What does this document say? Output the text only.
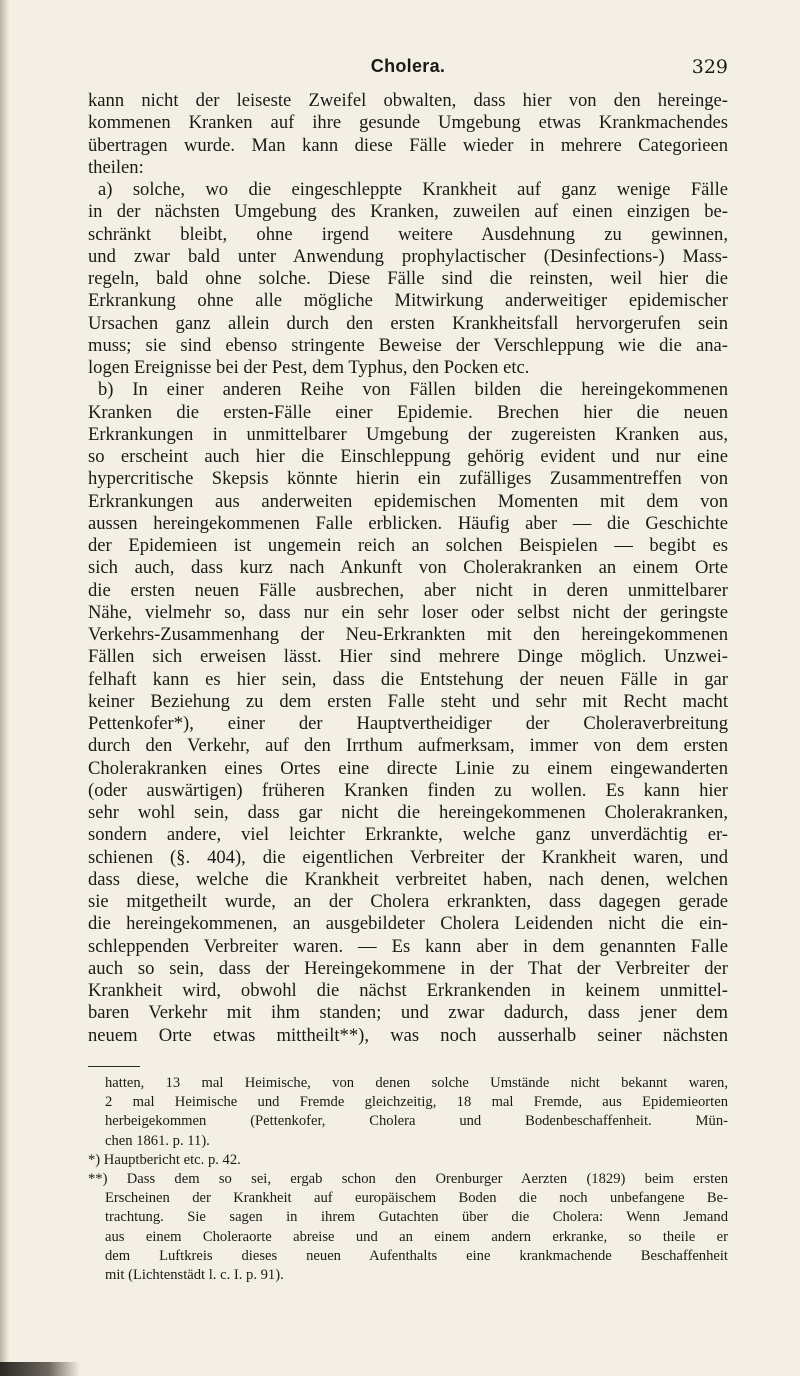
Cholera.	329
kann nicht der leiseste Zweifel obwalten, dass hier von den hereinge-
kommenen Kranken auf ihre gesunde Umgebung etwas Krankmachendes
übertragen wurde. Man kann diese Fälle wieder in mehrere Categorieen
theilen:
a) solche, wo die eingeschleppte Krankheit auf ganz wenige Fälle
in der nächsten Umgebung des Kranken, zuweilen auf einen einzigen be-
schränkt bleibt, ohne irgend weitere Ausdehnung zu gewinnen,
und zwar bald unter Anwendung prophylactischer (Desinfections-) Mass-
regeln, bald ohne solche. Diese Fälle sind die reinsten, weil hier die
Erkrankung ohne alle mögliche Mitwirkung anderweitiger epidemischer
Ursachen ganz allein durch den ersten Krankheitsfall hervorgerufen sein
muss; sie sind ebenso stringente Beweise der Verschleppung wie die ana-
logen Ereignisse bei der Pest, dem Typhus, den Pocken etc.
b) In einer anderen Reihe von Fällen bilden die hereingekommenen
Kranken die ersten-Fälle einer Epidemie. Brechen hier die neuen
Erkrankungen in unmittelbarer Umgebung der zugereisten Kranken aus,
so erscheint auch hier die Einschleppung gehörig evident und nur eine
hypercritische Skepsis könnte hierin ein zufälliges Zusammentreffen von
Erkrankungen aus anderweiten epidemischen Momenten mit dem von
aussen hereingekommenen Falle erblicken. Häufig aber — die Geschichte
der Epidemieen ist ungemein reich an solchen Beispielen — begibt es
sich auch, dass kurz nach Ankunft von Cholerakranken an einem Orte
die ersten neuen Fälle ausbrechen, aber nicht in deren unmittelbarer
Nähe, vielmehr so, dass nur ein sehr loser oder selbst nicht der geringste
Verkehrs-Zusammenhang der Neu-Erkrankten mit den hereingekommenen
Fällen sich erweisen lässt. Hier sind mehrere Dinge möglich. Unzwei-
felhaft kann es hier sein, dass die Entstehung der neuen Fälle in gar
keiner Beziehung zu dem ersten Falle steht und sehr mit Recht macht
Pettenkofer*), einer der Hauptvertheidiger der Choleraverbreitung
durch den Verkehr, auf den Irrthum aufmerksam, immer von dem ersten
Cholerakranken eines Ortes eine directe Linie zu einem eingewanderten
(oder auswärtigen) früheren Kranken finden zu wollen. Es kann hier
sehr wohl sein, dass gar nicht die hereingekommenen Cholerakranken,
sondern andere, viel leichter Erkrankte, welche ganz unverdächtig er-
schienen (§. 404), die eigentlichen Verbreiter der Krankheit waren, und
dass diese, welche die Krankheit verbreitet haben, nach denen, welchen
sie mitgetheilt wurde, an der Cholera erkrankten, dass dagegen gerade
die hereingekommenen, an ausgebildeter Cholera Leidenden nicht die ein-
schleppenden Verbreiter waren. — Es kann aber in dem genannten Falle
auch so sein, dass der Hereingekommene in der That der Verbreiter der
Krankheit wird, obwohl die nächst Erkrankenden in keinem unmittel-
baren Verkehr mit ihm standen; und zwar dadurch, dass jener dem
neuem Orte etwas mittheilt**), was noch ausserhalb seiner nächsten
hatten, 13 mal Heimische, von denen solche Umstände nicht bekannt waren,
2 mal Heimische und Fremde gleichzeitig, 18 mal Fremde, aus Epidemieorten
herbeigekommen (Pettenkofer, Cholera und Bodenbeschaffenheit. Mün-
chen 1861. p. 11).
*) Hauptbericht etc. p. 42.
**) Dass dem so sei, ergab schon den Orenburger Aerzten (1829) beim ersten
Erscheinen der Krankheit auf europäischem Boden die noch unbefangene Be-
trachtung. Sie sagen in ihrem Gutachten über die Cholera: Wenn Jemand
aus einem Choleraorte abreise und an einem andern erkranke, so theile er
dem Luftkreis dieses neuen Aufenthalts eine krankmachende Beschaffenheit
mit (Lichtenstädt l. c. I. p. 91).
